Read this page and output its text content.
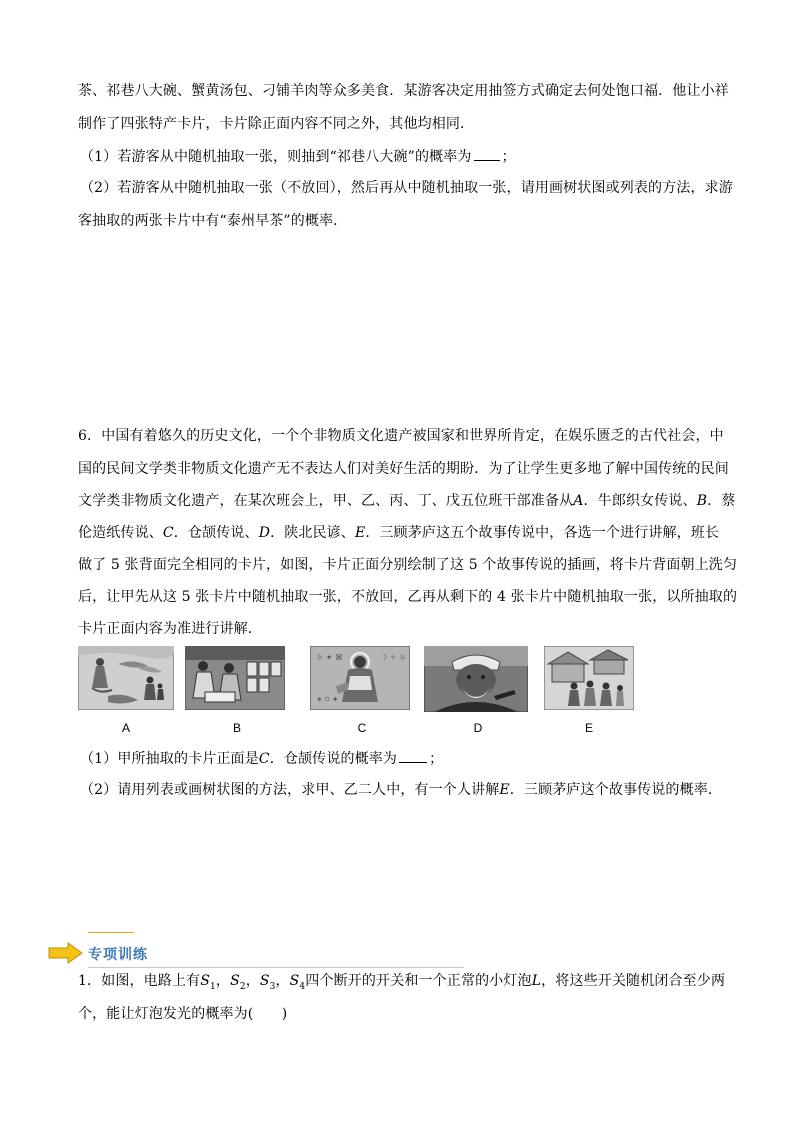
茶、祁巷八大碗、蟹黄汤包、刁铺羊肉等众多美食．某游客决定用抽签方式确定去何处饱口福．他让小祥
制作了四张特产卡片，卡片除正面内容不同之外，其他均相同．
（1）若游客从中随机抽取一张，则抽到“祁巷八大碗”的概率为 ；
（2）若游客从中随机抽取一张（不放回），然后再从中随机抽取一张，请用画树状图或列表的方法，求游
客抽取的两张卡片中有“泰州早茶”的概率．
6．中国有着悠久的历史文化，一个个非物质文化遗产被国家和世界所肯定，在娱乐匮乏的古代社会，中
国的民间文学类非物质文化遗产无不表达人们对美好生活的期盼．为了让学生更多地了解中国传统的民间
文学类非物质文化遗产，在某次班会上，甲、乙、丙、丁、戊五位班干部准备从A．牛郎织女传说、B．蔡
伦造纸传说、C．仓颉传说、D．陕北民谚、E．三顾茅庐这五个故事传说中，各选一个进行讲解，班长
做了 5 张背面完全相同的卡片，如图，卡片正面分别绘制了这 5 个故事传说的插画，将卡片背面朝上洗匀
后，让甲先从这 5 张卡片中随机抽取一张，不放回，乙再从剩下的 4 张卡片中随机抽取一张，以所抽取的
卡片正面内容为准进行讲解．
A	B
☼ ✦ ⌘	☽ ✧ ☼
✶ ⌑ ✦
C	D	E
（1）甲所抽取的卡片正面是C．仓颉传说的概率为 ；
（2）请用列表或画树状图的方法，求甲、乙二人中，有一个人讲解E．三顾茅庐这个故事传说的概率．
专项训练
1．如图，电路上有$S_1$，$S_2$，$S_3$，$S_4$四个断开的开关和一个正常的小灯泡L，将这些开关随机闭合至少两
个，能让灯泡发光的概率为(　　)
